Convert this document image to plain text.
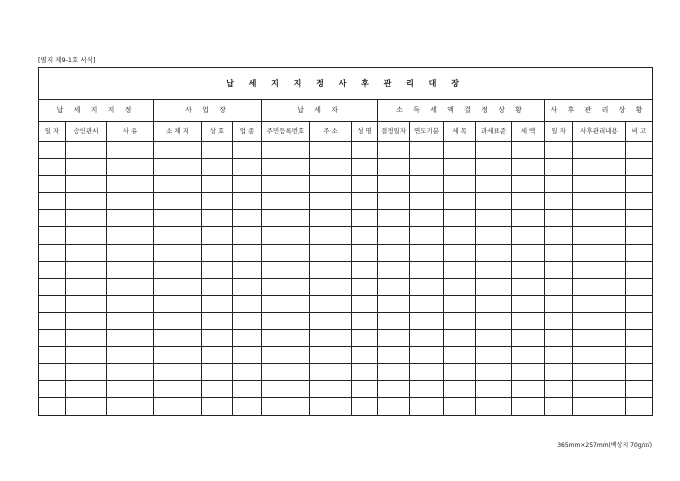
[별지 제9-1호 서식]
납 세 지 지 정 사 후 관 리 대 장																
납 세 지 지 정			사 업 장			납 세 자			소 득 세 액 결 정 상 황					사 후 관 리 상 황		
일 자	승인관서	사 유	소 재 지	상 호	업 종	주민등록번호	주 소	성 명	결정일자	연도기분	세 목	과세표준	세 액	일 자	사후관리내용	비 고

365mm×257mm(백상지 70g/㎡)
